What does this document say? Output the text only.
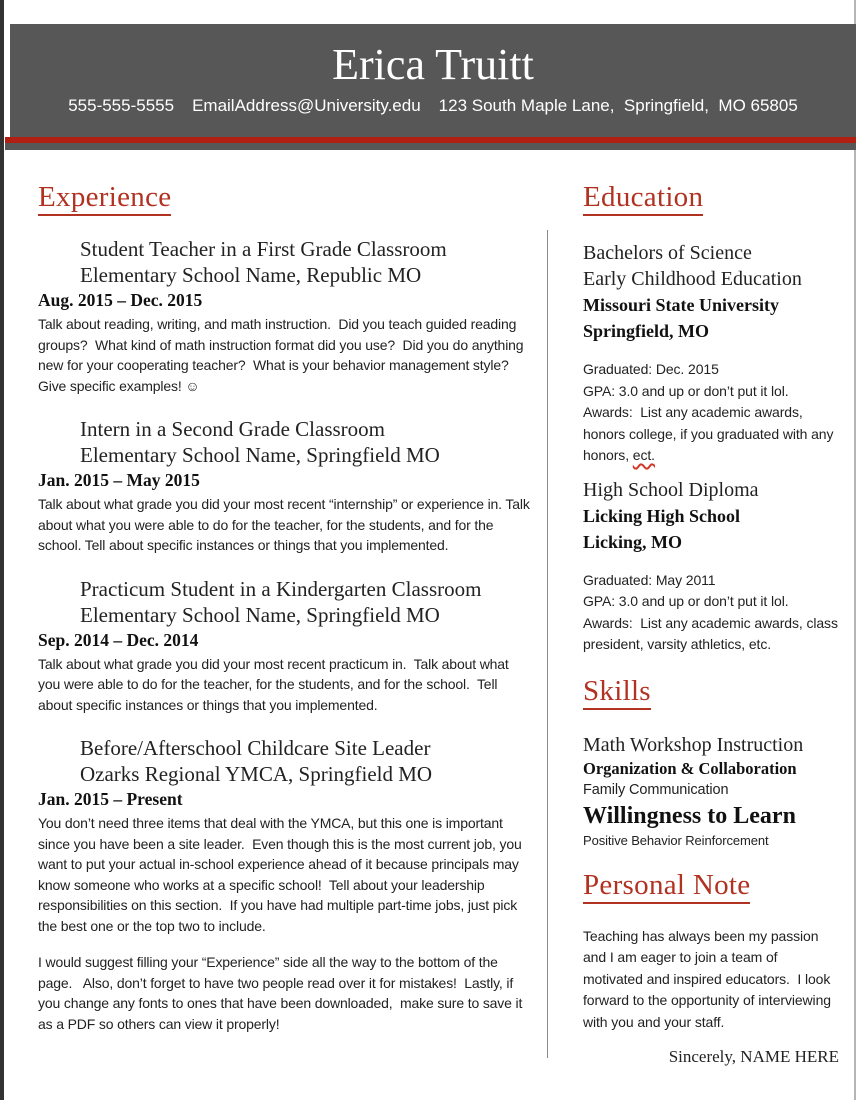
Erica Truitt
555-555-5555 EmailAddress@University.edu 123 South Maple Lane,  Springfield,  MO 65805
Experience
Student Teacher in a First Grade Classroom
Elementary School Name, Republic MO
Aug. 2015 – Dec. 2015
Talk about reading, writing, and math instruction.  Did you teach guided reading groups?  What kind of math instruction format did you use?  Did you do anything new for your cooperating teacher?  What is your behavior management style?  Give specific examples! ☺
Intern in a Second Grade Classroom
Elementary School Name, Springfield MO
Jan. 2015 – May 2015
Talk about what grade you did your most recent “internship” or experience in. Talk about what you were able to do for the teacher, for the students, and for the school. Tell about specific instances or things that you implemented.
Practicum Student in a Kindergarten Classroom
Elementary School Name, Springfield MO
Sep. 2014 – Dec. 2014
Talk about what grade you did your most recent practicum in.  Talk about what you were able to do for the teacher, for the students, and for the school.  Tell about specific instances or things that you implemented.
Before/Afterschool Childcare Site Leader
Ozarks Regional YMCA, Springfield MO
Jan. 2015 – Present
You don’t need three items that deal with the YMCA, but this one is important since you have been a site leader.  Even though this is the most current job, you want to put your actual in-school experience ahead of it because principals may know someone who works at a specific school!  Tell about your leadership responsibilities on this section.  If you have had multiple part-time jobs, just pick the best one or the top two to include.
I would suggest filling your “Experience” side all the way to the bottom of the page.   Also, don’t forget to have two people read over it for mistakes!  Lastly, if you change any fonts to ones that have been downloaded,  make sure to save it as a PDF so others can view it properly!
Education
Bachelors of Science
Early Childhood Education
Missouri State University
Springfield, MO
Graduated: Dec. 2015
GPA: 3.0 and up or don’t put it lol.
Awards:  List any academic awards, honors college, if you graduated with any honors, ect.
High School Diploma
Licking High School
Licking, MO
Graduated: May 2011
GPA: 3.0 and up or don’t put it lol.
Awards:  List any academic awards, class president, varsity athletics, etc.
Skills
Math Workshop Instruction
Organization & Collaboration
Family Communication
Willingness to Learn
Positive Behavior Reinforcement
Personal Note
Teaching has always been my passion and I am eager to join a team of motivated and inspired educators.  I look forward to the opportunity of interviewing with you and your staff.
Sincerely, NAME HERE
